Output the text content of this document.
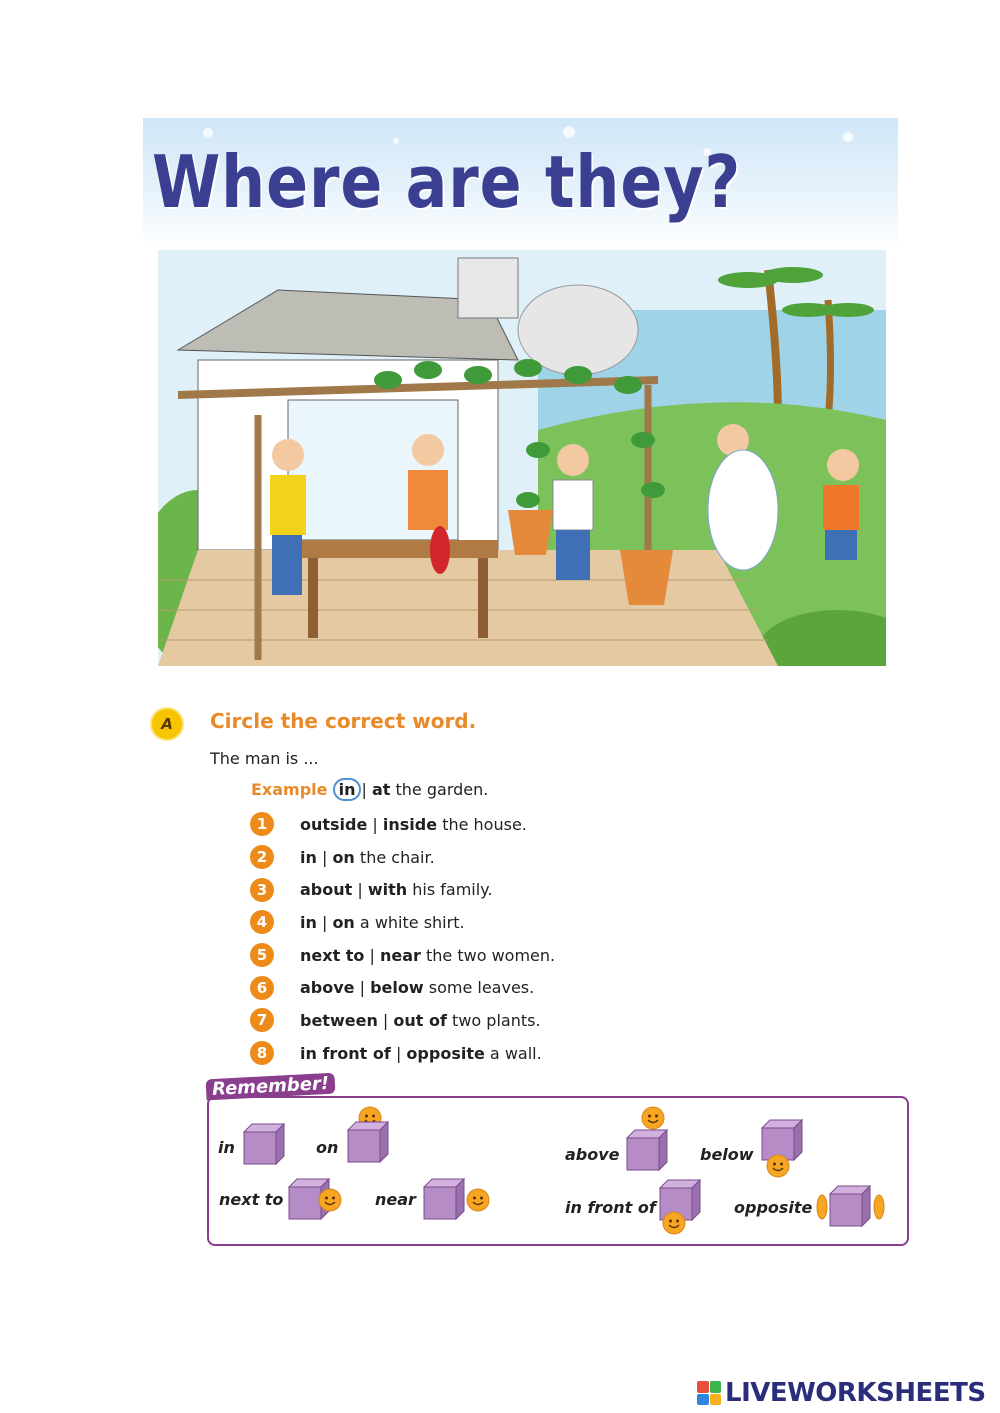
Where are they?
A	Circle the correct word.
The man is ...
Example in | at the garden.
1	outside | inside the house.
2	in | on the chair.
3	about | with his family.
4	in | on a white shirt.
5	next to | near the two women.
6	above | below some leaves.
7	between | out of two plants.
8	in front of | opposite a wall.
Remember!
in	on	above	below
next to	near	in front of	opposite
LIVEWORKSHEETS
